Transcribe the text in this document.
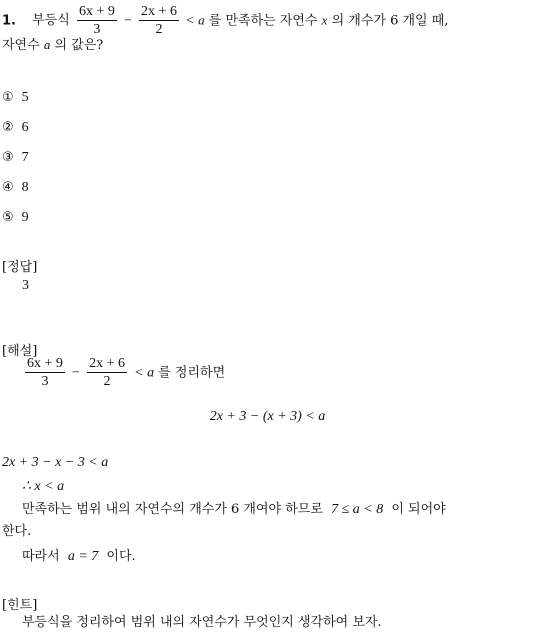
1. 부등식 $\frac{6x + 9}{3} - \frac{2x + 6}{2} < a$ 를 만족하는 자연수 x 의 개수가 6 개일 때,
자연수 a 의 값은?
① 5
② 6
③ 7
④ 8
⑤ 9
[정답]
3
[해설]
$\frac{6x + 9}{3} - \frac{2x + 6}{2} < a$ 를 정리하면
2x + 3 − (x + 3) < a
2x + 3 − x − 3 < a
∴ x < a
만족하는 범위 내의 자연수의 개수가 6 개여야 하므로 7 ≤ a < 8 이 되어야
한다.
따라서 a = 7 이다.
[힌트]
부등식을 정리하여 범위 내의 자연수가 무엇인지 생각하여 보자.
